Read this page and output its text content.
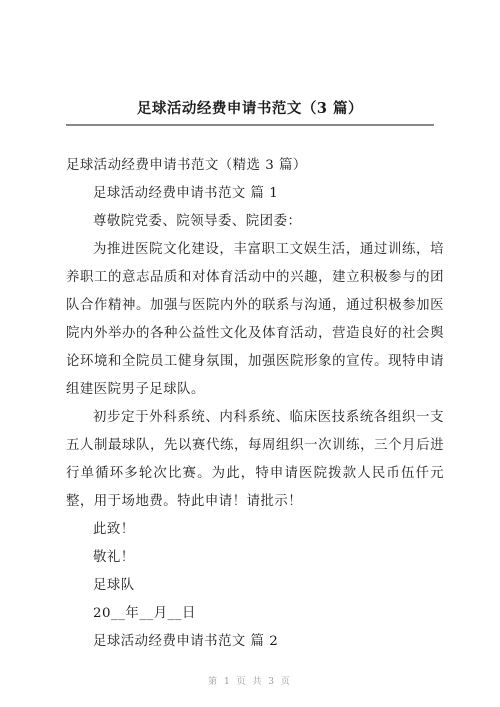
足球活动经费申请书范文（3 篇）

足球活动经费申请书范文（精选 3 篇）

足球活动经费申请书范文 篇 1

尊敬院党委、院领导委、院团委：

为推进医院文化建设，丰富职工文娱生活，通过训练，培养职工的意志品质和对体育活动中的兴趣，建立积极参与的团队合作精神。加强与医院内外的联系与沟通，通过积极参加医院内外举办的各种公益性文化及体育活动，营造良好的社会舆论环境和全院员工健身氛围，加强医院形象的宣传。现特申请组建医院男子足球队。

初步定于外科系统、内科系统、临床医技系统各组织一支五人制最球队，先以赛代练，每周组织一次训练，三个月后进行单循环多轮次比赛。为此，特申请医院拨款人民币伍仟元整，用于场地费。特此申请！请批示！

此致！

敬礼！

足球队

20__年__月__日

足球活动经费申请书范文 篇 2

第 1 页 共 3 页
